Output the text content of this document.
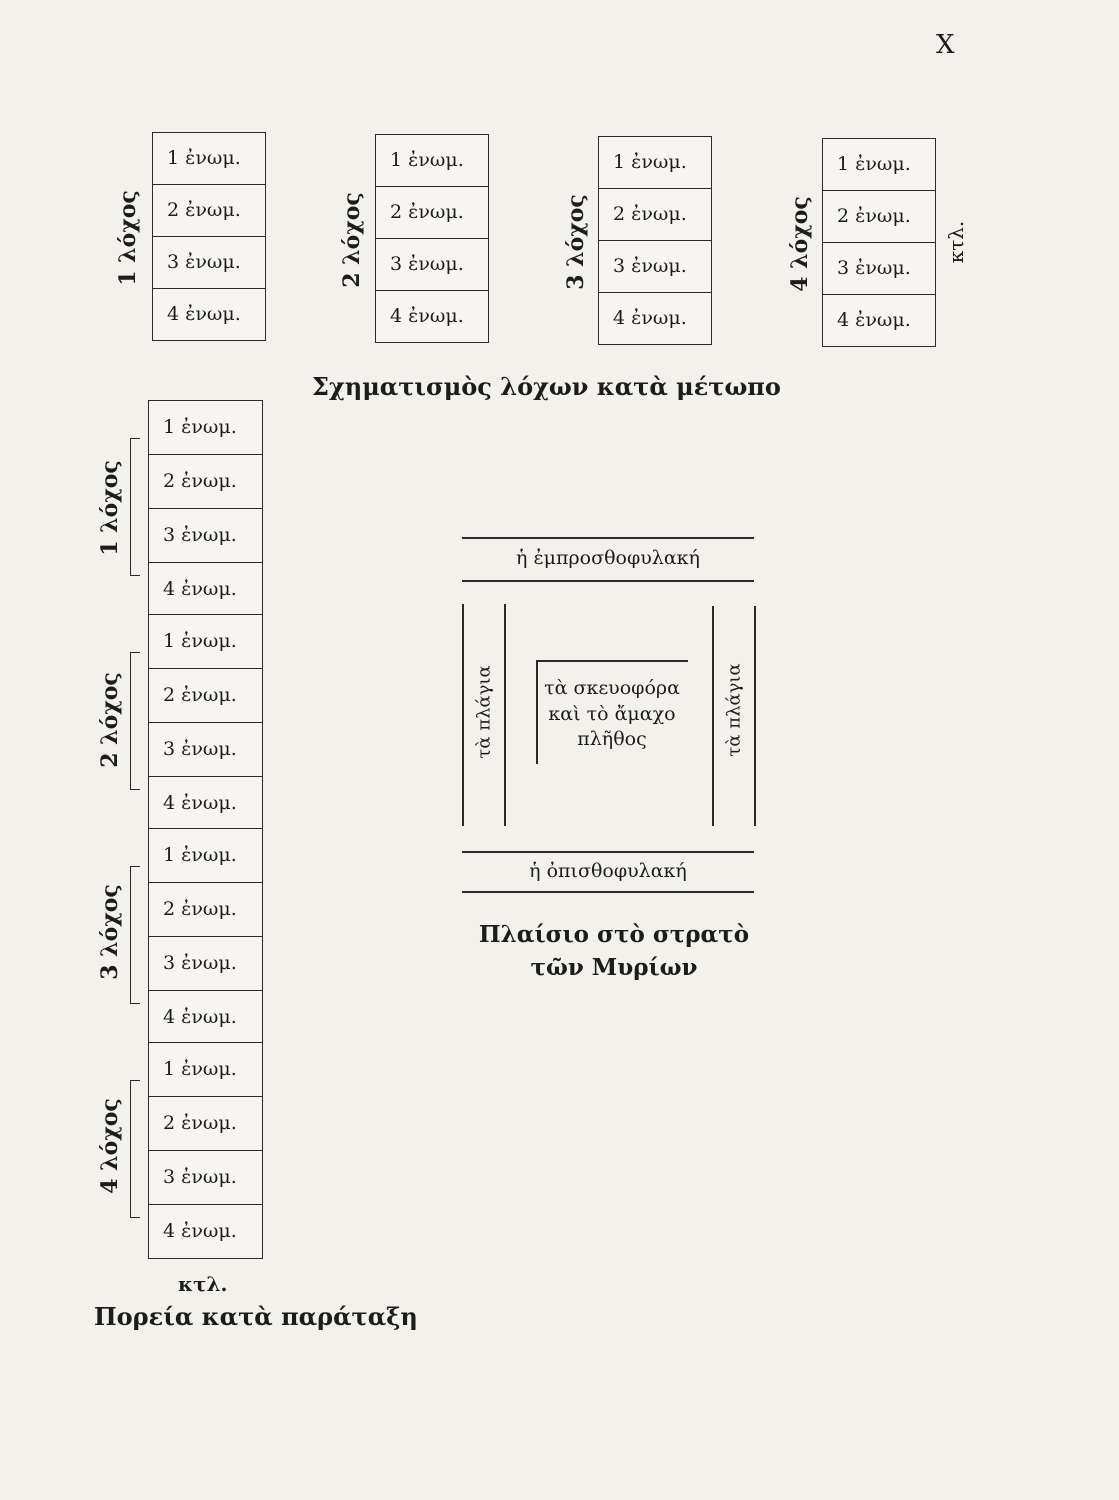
X
1 λόχος
1 ἐνωμ.
2 ἐνωμ.
3 ἐνωμ.
4 ἐνωμ.
2 λόχος
1 ἐνωμ.
2 ἐνωμ.
3 ἐνωμ.
4 ἐνωμ.
3 λόχος
1 ἐνωμ.
2 ἐνωμ.
3 ἐνωμ.
4 ἐνωμ.
4 λόχος
1 ἐνωμ.
2 ἐνωμ.
3 ἐνωμ.
4 ἐνωμ.
κτλ.
Σχηματισμὸς λόχων κατὰ μέτωπο
1 λόχος
1 ἐνωμ.
2 ἐνωμ.
3 ἐνωμ.
4 ἐνωμ.
2 λόχος
1 ἐνωμ.
2 ἐνωμ.
3 ἐνωμ.
4 ἐνωμ.
3 λόχος
1 ἐνωμ.
2 ἐνωμ.
3 ἐνωμ.
4 ἐνωμ.
4 λόχος
1 ἐνωμ.
2 ἐνωμ.
3 ἐνωμ.
4 ἐνωμ.
κτλ.
Πορεία κατὰ παράταξη
ἡ ἐμπροσθοφυλακή
ἡ ὀπισθοφυλακή
τὰ πλάγια	τὰ πλάγια
τὰ σκευοφόρα
καὶ τὸ ἄμαχο
πλῆθος
Πλαίσιο στὸ στρατὸ
τῶν Μυρίων
